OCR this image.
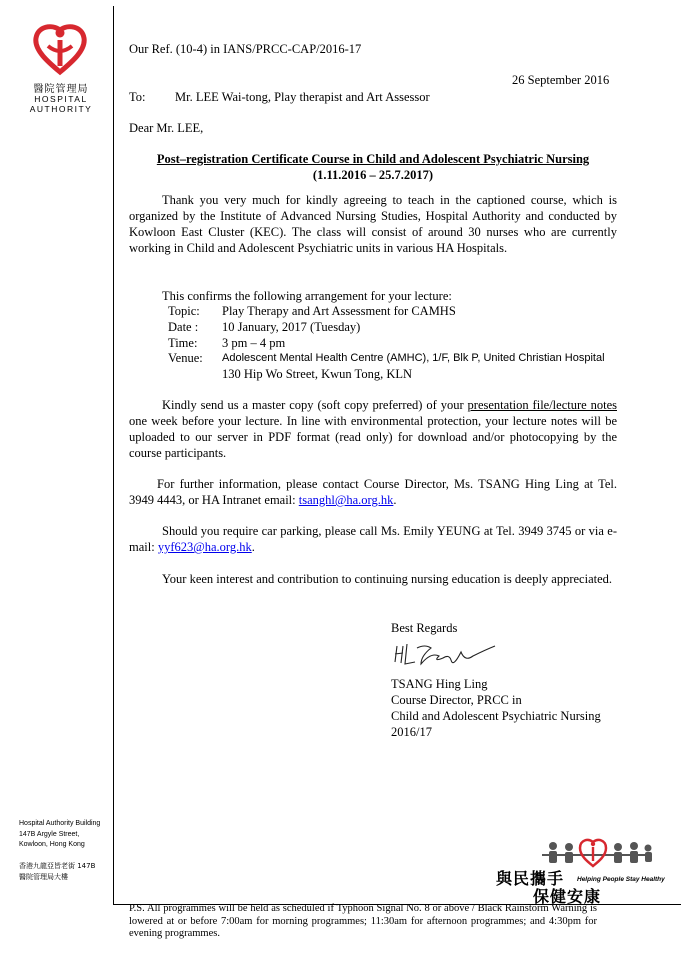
醫院管理局
HOSPITAL
AUTHORITY
Hospital Authority Building
147B Argyle Street,
Kowloon, Hong Kong
香港九龍亞皆老街 147B
醫院管理局大樓
Our Ref. (10-4) in IANS/PRCC-CAP/2016-17
26 September 2016
To: Mr. LEE Wai-tong, Play therapist and Art Assessor
Dear Mr. LEE,
Post–registration Certificate Course in Child and Adolescent Psychiatric Nursing
(1.11.2016 – 25.7.2017)
Thank you very much for kindly agreeing to teach in the captioned course, which is organized by the Institute of Advanced Nursing Studies, Hospital Authority and conducted by Kowloon East Cluster (KEC). The class will consist of around 30 nurses who are currently working in Child and Adolescent Psychiatric units in various HA Hospitals.
This confirms the following arrangement for your lecture:
Topic: Play Therapy and Art Assessment for CAMHS
Date : 10 January, 2017 (Tuesday)
Time: 3 pm – 4 pm
Venue: Adolescent Mental Health Centre (AMHC), 1/F, Blk P, United Christian Hospital
130 Hip Wo Street, Kwun Tong, KLN
Kindly send us a master copy (soft copy preferred) of your presentation file/lecture notes one week before your lecture. In line with environmental protection, your lecture notes will be uploaded to our server in PDF format (read only) for download and/or photocopying by the course participants.
For further information, please contact Course Director, Ms. TSANG Hing Ling at Tel. 3949 4443, or HA Intranet email: tsanghl@ha.org.hk.
Should you require car parking, please call Ms. Emily YEUNG at Tel. 3949 3745 or via e-mail: yyf623@ha.org.hk.
Your keen interest and contribution to continuing nursing education is deeply appreciated.
Best Regards
TSANG Hing Ling
Course Director, PRCC in
Child and Adolescent Psychiatric Nursing
2016/17
與民攜手
保健安康
Helping People Stay Healthy
P.S. All programmes will be held as scheduled if Typhoon Signal No. 8 or above / Black Rainstorm Warning is lowered at or before 7:00am for morning programmes; 11:30am for afternoon programmes; and 4:30pm for evening programmes.
